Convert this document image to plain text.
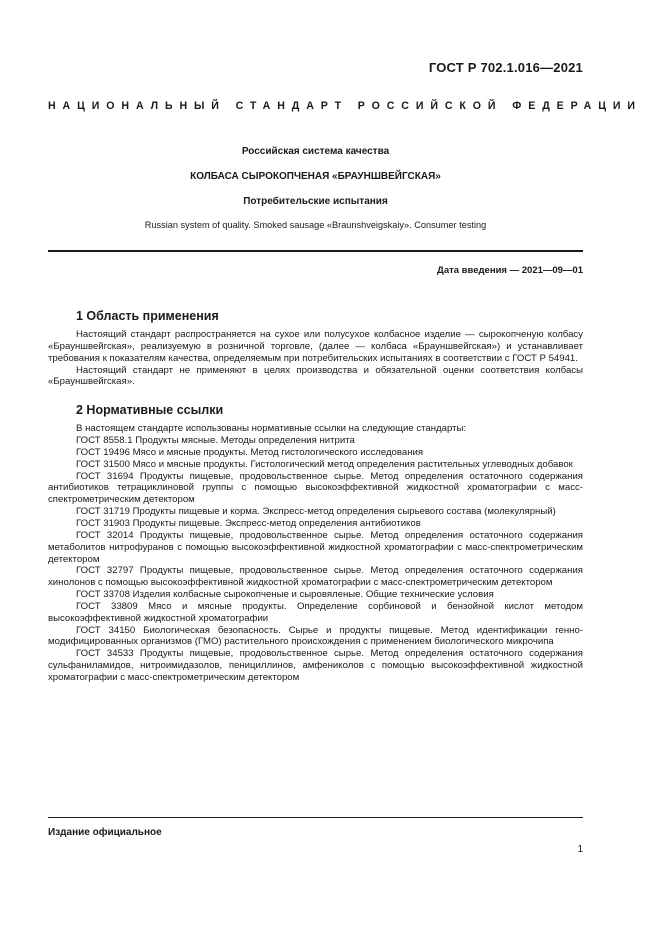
ГОСТ Р 702.1.016—2021
НАЦИОНАЛЬНЫЙ СТАНДАРТ РОССИЙСКОЙ ФЕДЕРАЦИИ
Российская система качества
КОЛБАСА СЫРОКОПЧЕНАЯ «БРАУНШВЕЙГСКАЯ»
Потребительские испытания
Russian system of quality. Smoked sausage «Braunshveigskaiy». Consumer testing
Дата введения — 2021—09—01
1 Область применения
Настоящий стандарт распространяется на сухое или полусухое колбасное изделие — сырокопченую колбасу «Брауншвейгская», реализуемую в розничной торговле, (далее — колбаса «Брауншвейгская») и устанавливает требования к показателям качества, определяемым при потребительских испытаниях в соответствии с ГОСТ Р 54941.
Настоящий стандарт не применяют в целях производства и обязательной оценки соответствия колбасы «Брауншвейгская».
2 Нормативные ссылки
В настоящем стандарте использованы нормативные ссылки на следующие стандарты:
ГОСТ 8558.1 Продукты мясные. Методы определения нитрита
ГОСТ 19496 Мясо и мясные продукты. Метод гистологического исследования
ГОСТ 31500 Мясо и мясные продукты. Гистологический метод определения растительных углеводных добавок
ГОСТ 31694 Продукты пищевые, продовольственное сырье. Метод определения остаточного содержания антибиотиков тетрациклиновой группы с помощью высокоэффективной жидкостной хроматографии с масс-спектрометрическим детектором
ГОСТ 31719 Продукты пищевые и корма. Экспресс-метод определения сырьевого состава (молекулярный)
ГОСТ 31903 Продукты пищевые. Экспресс-метод определения антибиотиков
ГОСТ 32014 Продукты пищевые, продовольственное сырье. Метод определения остаточного содержания метаболитов нитрофуранов с помощью высокоэффективной жидкостной хроматографии с масс-спектрометрическим детектором
ГОСТ 32797 Продукты пищевые, продовольственное сырье. Метод определения остаточного содержания хинолонов с помощью высокоэффективной жидкостной хроматографии с масс-спектрометрическим детектором
ГОСТ 33708 Изделия колбасные сырокопченые и сыровяленые. Общие технические условия
ГОСТ 33809 Мясо и мясные продукты. Определение сорбиновой и бензойной кислот методом высокоэффективной жидкостной хроматографии
ГОСТ 34150 Биологическая безопасность. Сырье и продукты пищевые. Метод идентификации генно-модифицированных организмов (ГМО) растительного происхождения с применением биологического микрочипа
ГОСТ 34533 Продукты пищевые, продовольственное сырье. Метод определения остаточного содержания сульфаниламидов, нитроимидазолов, пенициллинов, амфениколов с помощью высокоэффективной жидкостной хроматографии с масс-спектрометрическим детектором
Издание официальное
1
